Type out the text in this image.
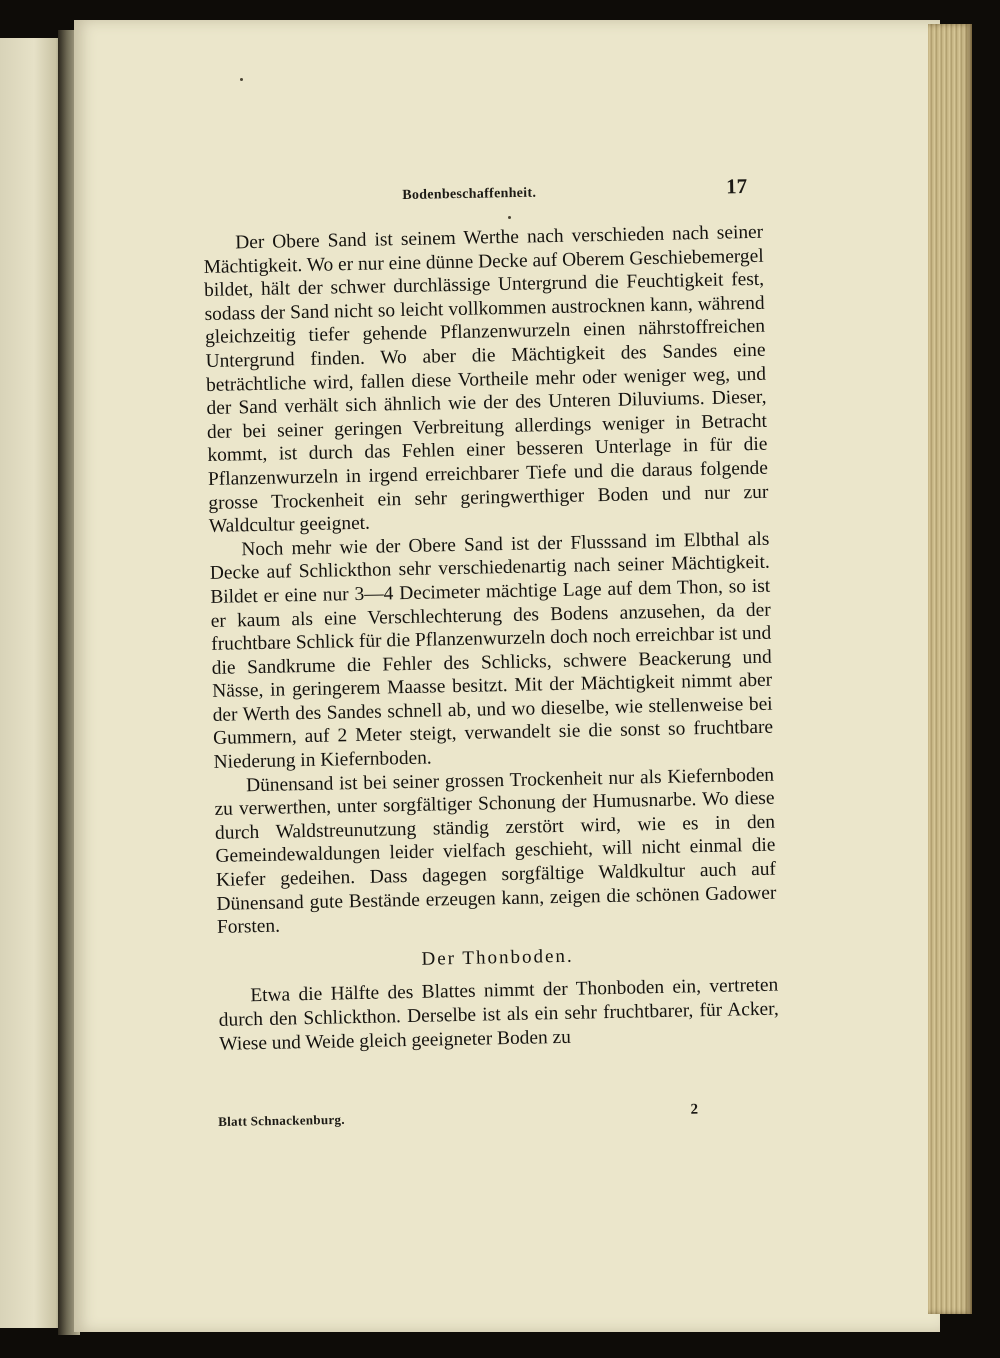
Bodenbeschaffenheit.	17

Der Obere Sand ist seinem Werthe nach verschieden nach seiner Mächtigkeit. Wo er nur eine dünne Decke auf Oberem Geschiebemergel bildet, hält der schwer durchlässige Untergrund die Feuchtigkeit fest, sodass der Sand nicht so leicht vollkommen austrocknen kann, während gleichzeitig tiefer gehende Pflanzenwurzeln einen nährstoffreichen Untergrund finden. Wo aber die Mächtigkeit des Sandes eine beträchtliche wird, fallen diese Vortheile mehr oder weniger weg, und der Sand verhält sich ähnlich wie der des Unteren Diluviums. Dieser, der bei seiner geringen Verbreitung allerdings weniger in Betracht kommt, ist durch das Fehlen einer besseren Unterlage in für die Pflanzenwurzeln in irgend erreichbarer Tiefe und die daraus folgende grosse Trockenheit ein sehr geringwerthiger Boden und nur zur Waldcultur geeignet.

Noch mehr wie der Obere Sand ist der Flusssand im Elbthal als Decke auf Schlickthon sehr verschiedenartig nach seiner Mächtigkeit. Bildet er eine nur 3—4 Decimeter mächtige Lage auf dem Thon, so ist er kaum als eine Verschlechterung des Bodens anzusehen, da der fruchtbare Schlick für die Pflanzenwurzeln doch noch erreichbar ist und die Sandkrume die Fehler des Schlicks, schwere Beackerung und Nässe, in geringerem Maasse besitzt. Mit der Mächtigkeit nimmt aber der Werth des Sandes schnell ab, und wo dieselbe, wie stellenweise bei Gummern, auf 2 Meter steigt, verwandelt sie die sonst so fruchtbare Niederung in Kiefernboden.

Dünensand ist bei seiner grossen Trockenheit nur als Kiefernboden zu verwerthen, unter sorgfältiger Schonung der Humusnarbe. Wo diese durch Waldstreunutzung ständig zerstört wird, wie es in den Gemeindewaldungen leider vielfach geschieht, will nicht einmal die Kiefer gedeihen. Dass dagegen sorgfältige Waldkultur auch auf Dünensand gute Bestände erzeugen kann, zeigen die schönen Gadower Forsten.

Der Thonboden.

Etwa die Hälfte des Blattes nimmt der Thonboden ein, vertreten durch den Schlickthon. Derselbe ist als ein sehr fruchtbarer, für Acker, Wiese und Weide gleich geeigneter Boden zu

Blatt Schnackenburg.
2
